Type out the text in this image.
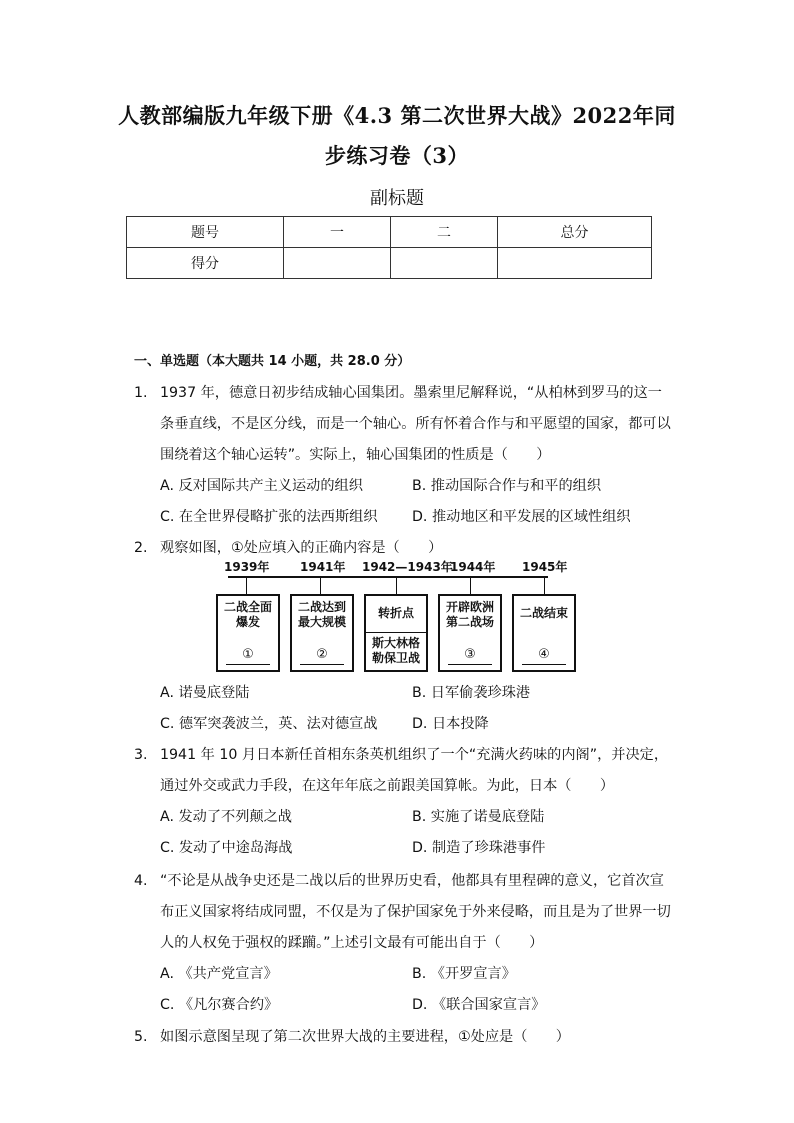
人教部编版九年级下册《4.3 第二次世界大战》2022年同
步练习卷（3）
副标题
题号	一	二	总分
得分			
一、单选题（本大题共 14 小题，共 28.0 分）
1. 1937 年，德意日初步结成轴心国集团。墨索里尼解释说，“从柏林到罗马的这一
条垂直线，不是区分线，而是一个轴心。所有怀着合作与和平愿望的国家，都可以
围绕着这个轴心运转”。实际上，轴心国集团的性质是（　　）
A. 反对国际共产主义运动的组织	B. 推动国际合作与和平的组织
C. 在全世界侵略扩张的法西斯组织 D. 推动地区和平发展的区域性组织
2. 观察如图，①处应填入的正确内容是（　　）
1939年	1941年 1942—1943年
1944年 1945年
二战全面
爆发
①
二战达到
最大规模
②
转折点
斯大林格
勒保卫战
开辟欧洲
第二战场
③
二战结束
④
A. 诺曼底登陆	B. 日军偷袭珍珠港
C. 德军突袭波兰，英、法对德宣战 D. 日本投降
3. 1941 年 10 月日本新任首相东条英机组织了一个“充满火药味的内阁”，并决定，
通过外交或武力手段，在这年年底之前跟美国算帐。为此，日本（　　）
A. 发动了不列颠之战	B. 实施了诺曼底登陆
C. 发动了中途岛海战	D. 制造了珍珠港事件
4. “不论是从战争史还是二战以后的世界历史看，他都具有里程碑的意义，它首次宣
布正义国家将结成同盟，不仅是为了保护国家免于外来侵略，而且是为了世界一切
人的人权免于强权的蹂躏。”上述引文最有可能出自于（　　）
A. 《共产党宣言》	B. 《开罗宣言》
C. 《凡尔赛合约》	D. 《联合国家宣言》
5. 如图示意图呈现了第二次世界大战的主要进程，①处应是（　　）
